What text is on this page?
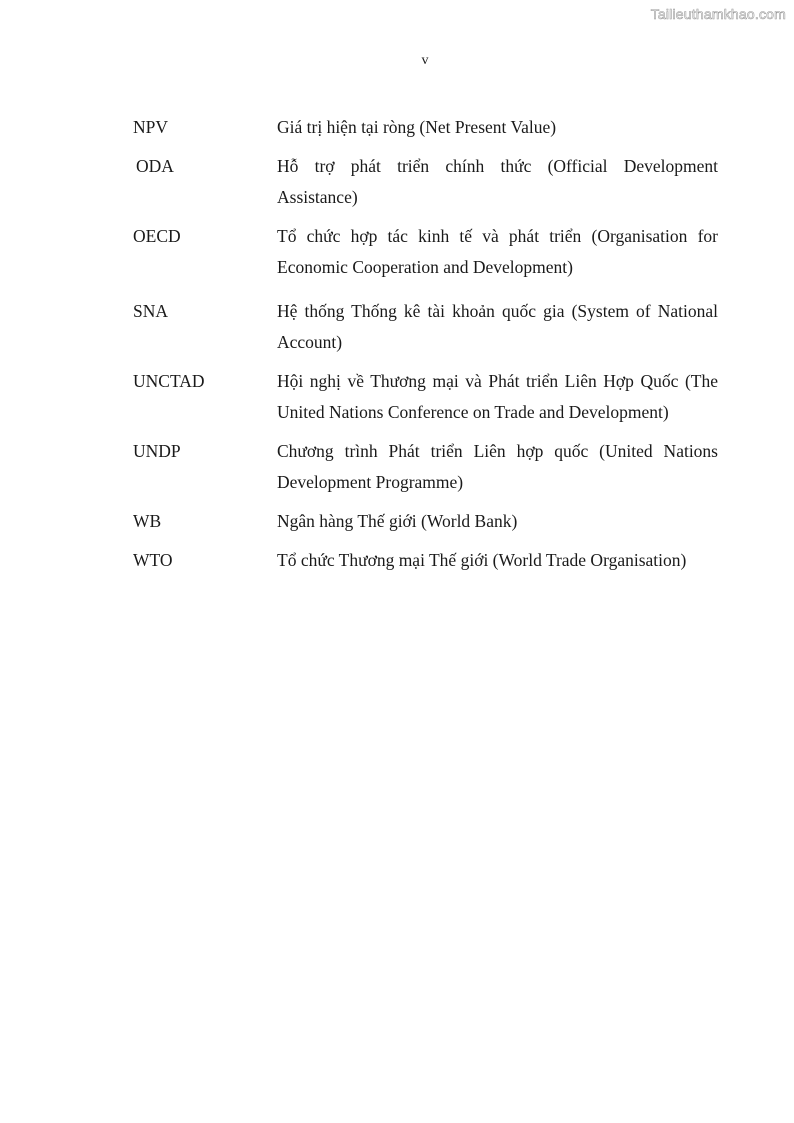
Tailieuthamkhao.com
v
NPV	Giá trị hiện tại ròng (Net Present Value)
ODA	Hỗ trợ phát triển chính thức (Official Development Assistance)
OECD	Tổ chức hợp tác kinh tế và phát triển (Organisation for Economic Cooperation and Development)
SNA	Hệ thống Thống kê tài khoản quốc gia (System of National Account)
UNCTAD	Hội nghị về Thương mại và Phát triển Liên Hợp Quốc (The United Nations Conference on Trade and Development)
UNDP	Chương trình Phát triển Liên hợp quốc (United Nations Development Programme)
WB	Ngân hàng Thế giới (World Bank)
WTO	Tổ chức Thương mại Thế giới (World Trade Organisation)
